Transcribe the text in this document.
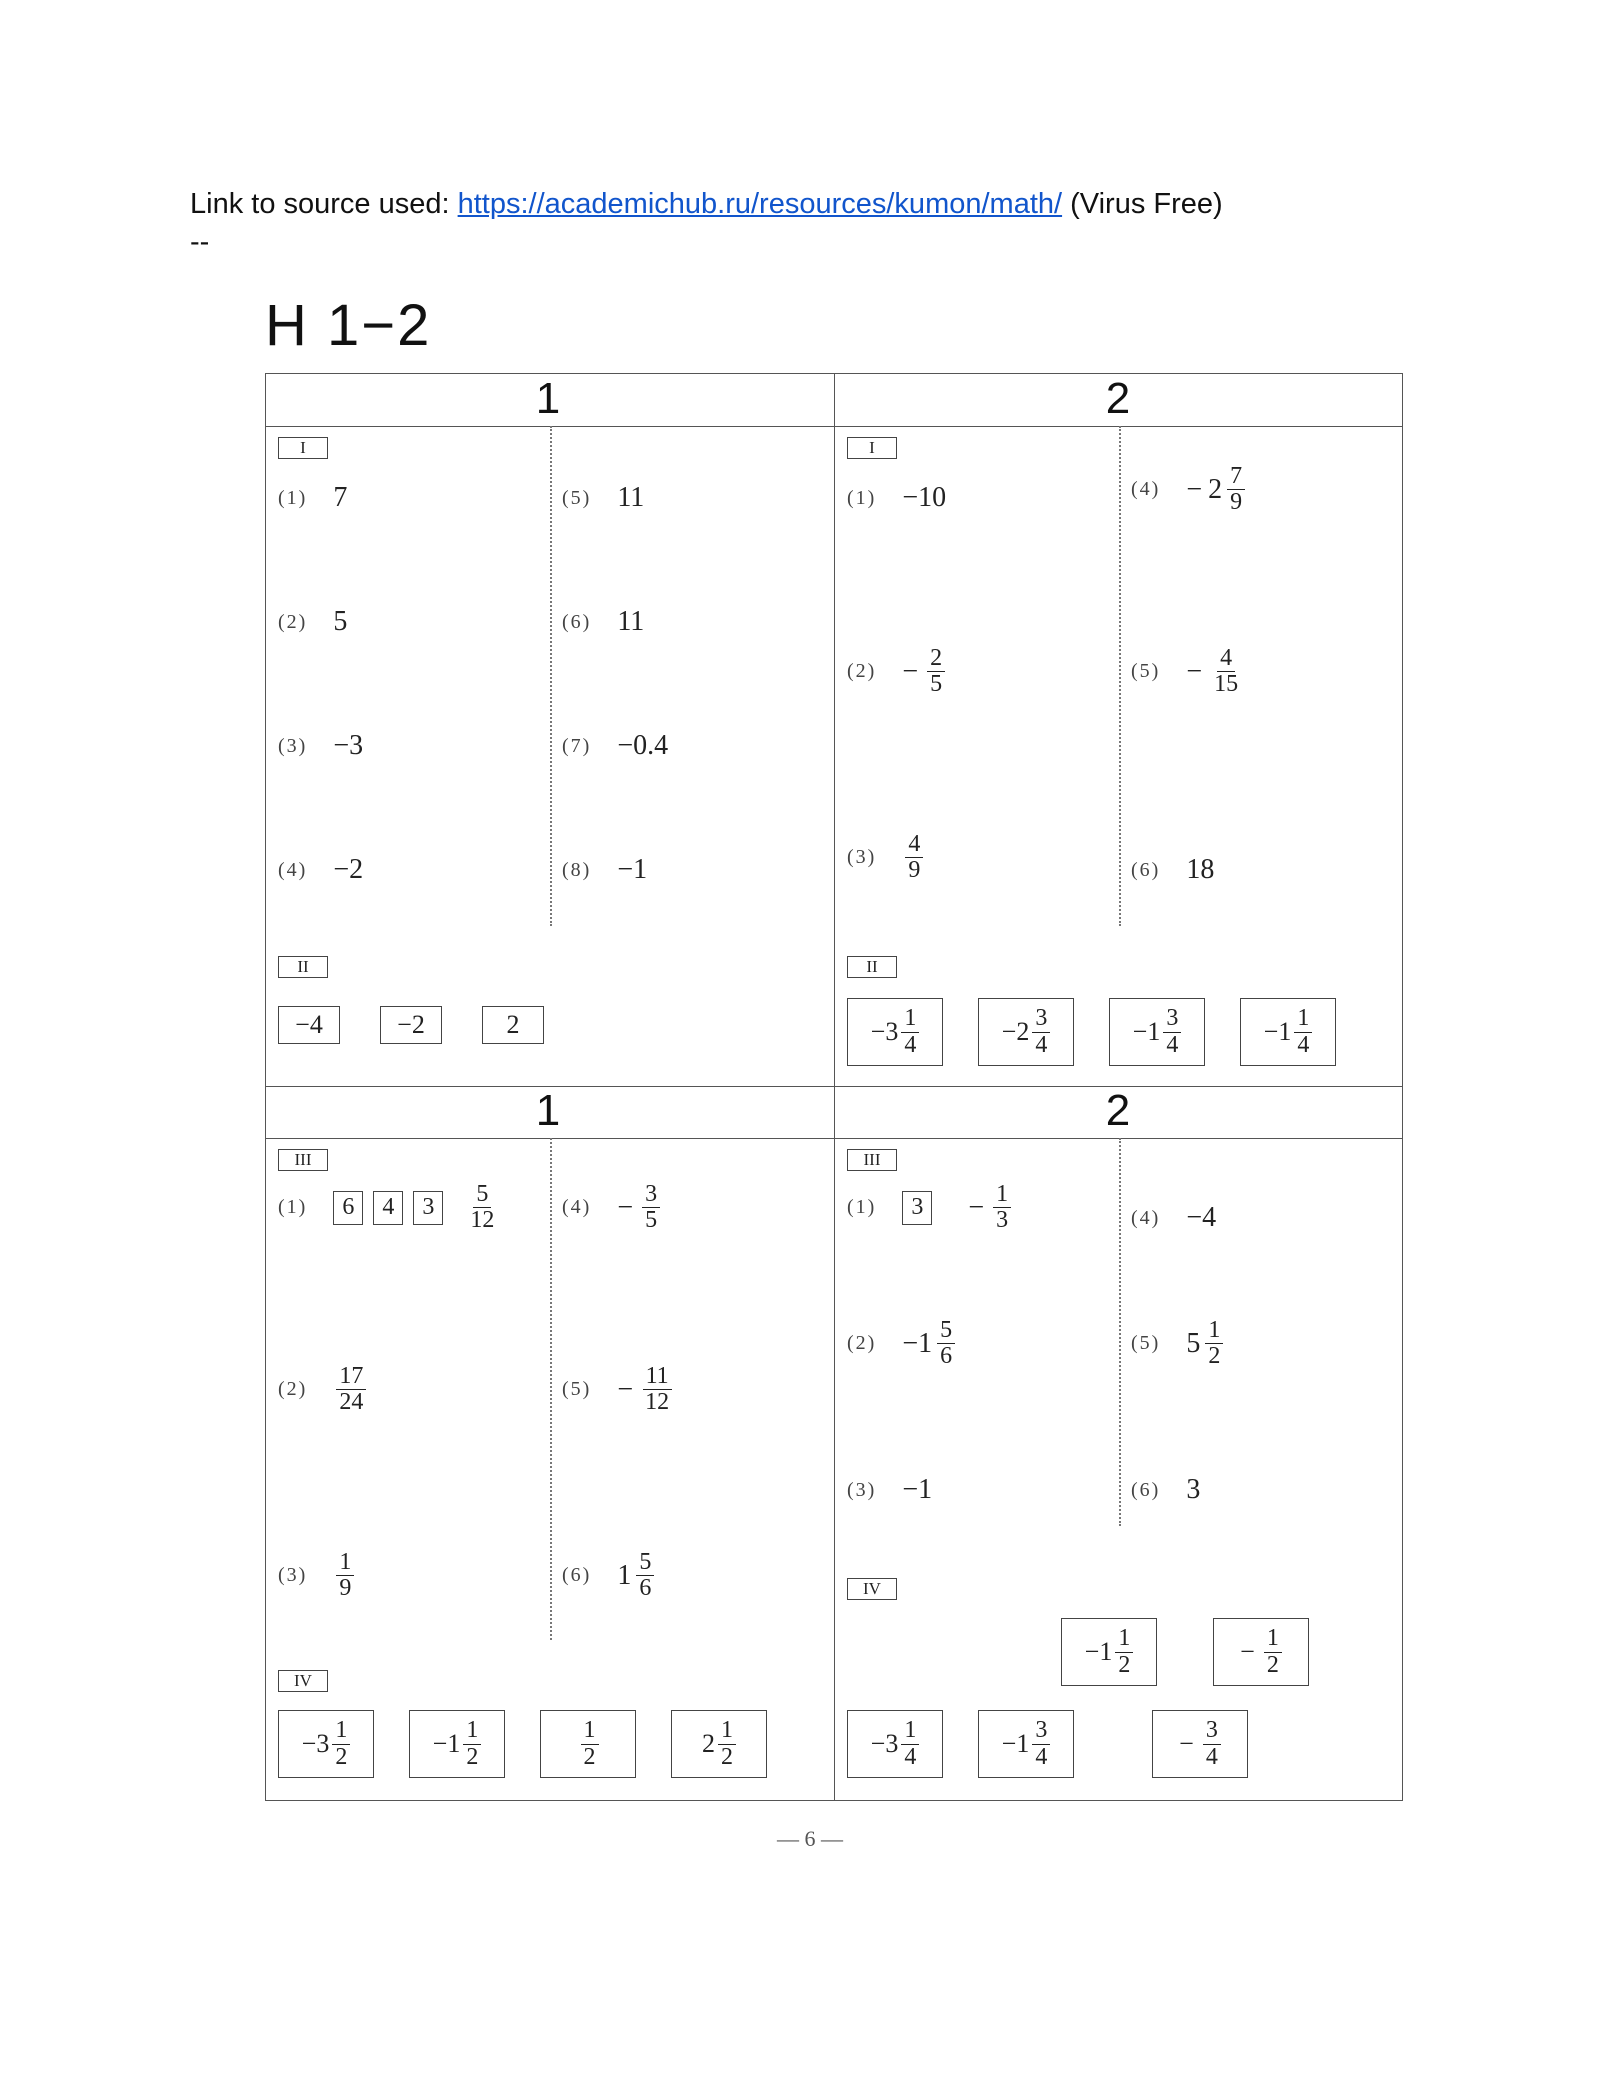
Link to source used: https://academichub.ru/resources/kumon/math/ (Virus Free)
--
H 1−2
1	2
1	2
I
(1) 7
(2) 5
(3) −3
(4) −2
(5) 11
(6) 11
(7) −0.4
(8) −1
II
−4	−2	2
I
(1) −10
$(2) - \frac{2}{5}$
$(3) \frac{4}{9}$
$(4) - 2 \frac{7}{9}$
$(5) - \frac{4}{15}$
(6) 18
II
$-3 \frac{1}{4}$	$-2 \frac{3}{4}$	$-1 \frac{3}{4}$	$-1 \frac{1}{4}$
III
(1)	6	4	3	$\frac{5}{12}$
$(2) \frac{17}{24}$
$(3) \frac{1}{9}$
$(4) - \frac{3}{5}$
$(5) - \frac{11}{12}$
(6) $1 \frac{5}{6}$
IV
$-3 \frac{1}{2}$	$-1 \frac{1}{2}$	$\frac{1}{2}$	$2 \frac{1}{2}$
III
(1)	3	− $\frac{1}{3}$
$(2) -1 \frac{5}{6}$
(3) −1
(4) −4
(5) $5 \frac{1}{2}$
(6) 3
IV
$-1 \frac{1}{2}$	− $\frac{1}{2}$
$-3 \frac{1}{4}$	$-1 \frac{3}{4}$	− $\frac{3}{4}$
— 6 —
